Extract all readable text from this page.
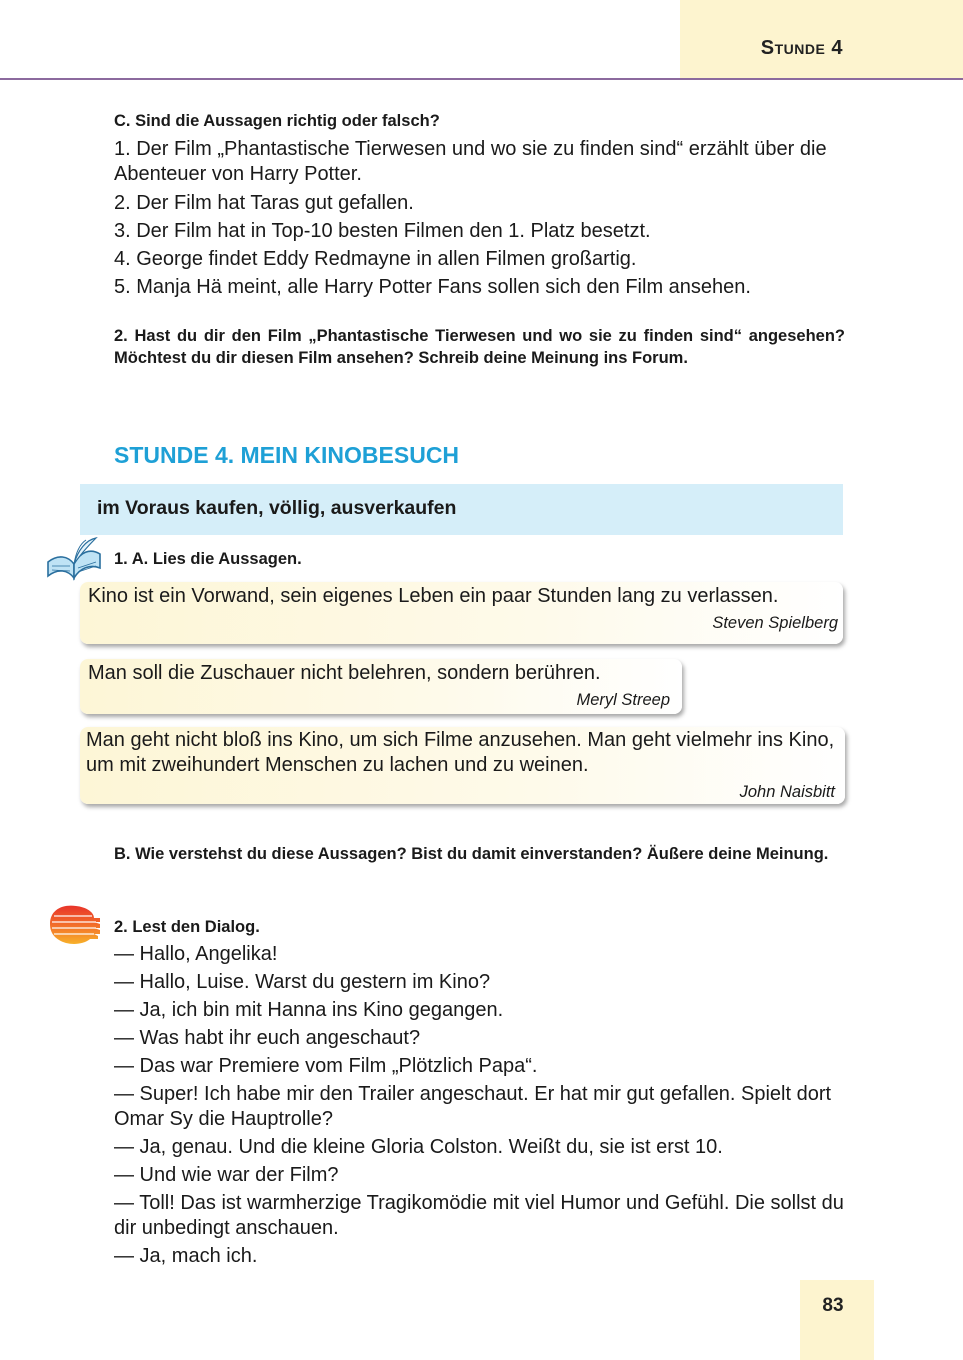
Stunde 4
C. Sind die Aussagen richtig oder falsch?
1. Der Film „Phantastische Tierwesen und wo sie zu finden sind“ erzählt über die Abenteuer von Harry Potter.
2. Der Film hat Taras gut gefallen.
3. Der Film hat in Top-10 besten Filmen den 1. Platz besetzt.
4. George findet Eddy Redmayne in allen Filmen großartig.
5. Manja Hä meint, alle Harry Potter Fans sollen sich den Film ansehen.
2. Hast du dir den Film „Phantastische Tierwesen und wo sie zu finden sind“ angesehen? Möchtest du dir diesen Film ansehen? Schreib deine Meinung ins Forum.
STUNDE 4. MEIN KINOBESUCH
im Voraus kaufen, völlig, ausverkaufen
1. A. Lies die Aussagen.
Kino ist ein Vorwand, sein eigenes Leben ein paar Stunden lang zu verlassen.
Steven Spielberg
Man soll die Zuschauer nicht belehren, sondern berühren.
Meryl Streep
Man geht nicht bloß ins Kino, um sich Filme anzusehen. Man geht vielmehr ins Kino, um mit zweihundert Menschen zu lachen und zu weinen.
John Naisbitt
B. Wie verstehst du diese Aussagen? Bist du damit einverstanden? Äußere deine Meinung.
2. Lest den Dialog.

— Hallo, Angelika!

— Hallo, Luise. Warst du gestern im Kino?

— Ja, ich bin mit Hanna ins Kino gegangen.

— Was habt ihr euch angeschaut?

— Das war Premiere vom Film „Plötzlich Papa“.

— Super! Ich habe mir den Trailer angeschaut. Er hat mir gut gefallen. Spielt dort Omar Sy die Hauptrolle?

— Ja, genau. Und die kleine Gloria Colston. Weißt du, sie ist erst 10.

— Und wie war der Film?

— Toll! Das ist warmherzige Tragikomödie mit viel Humor und Gefühl. Die sollst du dir unbedingt anschauen.

— Ja, mach ich.

83
